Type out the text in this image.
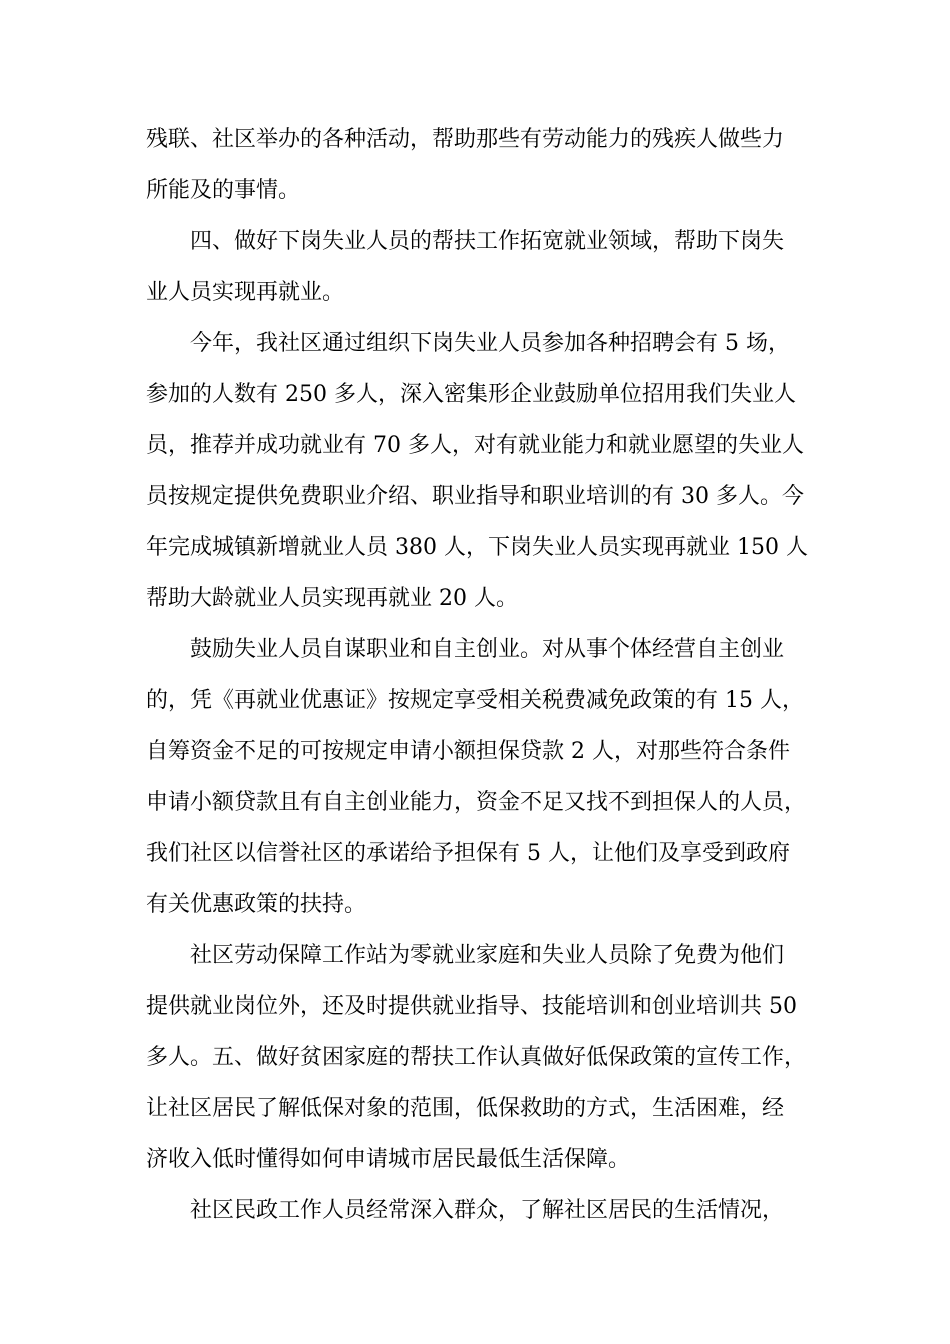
残联、社区举办的各种活动，帮助那些有劳动能力的残疾人做些力
所能及的事情。
四、做好下岗失业人员的帮扶工作拓宽就业领域，帮助下岗失
业人员实现再就业。
今年，我社区通过组织下岗失业人员参加各种招聘会有 5 场，
参加的人数有 250 多人，深入密集形企业鼓励单位招用我们失业人
员，推荐并成功就业有 70 多人，对有就业能力和就业愿望的失业人
员按规定提供免费职业介绍、职业指导和职业培训的有 30 多人。今
年完成城镇新增就业人员 380 人，下岗失业人员实现再就业 150 人
帮助大龄就业人员实现再就业 20 人。
鼓励失业人员自谋职业和自主创业。对从事个体经营自主创业
的，凭《再就业优惠证》按规定享受相关税费减免政策的有 15 人，
自筹资金不足的可按规定申请小额担保贷款 2 人，对那些符合条件
申请小额贷款且有自主创业能力，资金不足又找不到担保人的人员，
我们社区以信誉社区的承诺给予担保有 5 人，让他们及享受到政府
有关优惠政策的扶持。
社区劳动保障工作站为零就业家庭和失业人员除了免费为他们
提供就业岗位外，还及时提供就业指导、技能培训和创业培训共 50
多人。五、做好贫困家庭的帮扶工作认真做好低保政策的宣传工作，
让社区居民了解低保对象的范围，低保救助的方式，生活困难，经
济收入低时懂得如何申请城市居民最低生活保障。
社区民政工作人员经常深入群众，了解社区居民的生活情况，
